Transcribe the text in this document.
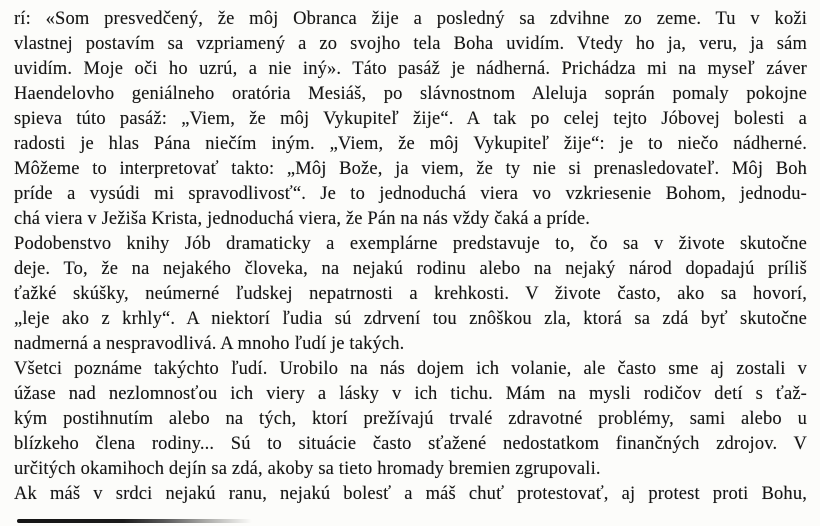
rí: «Som presvedčený, že môj Obranca žije a posledný sa zdvihne zo zeme. Tu v koži
vlastnej postavím sa vzpriamený a zo svojho tela Boha uvidím. Vtedy ho ja, veru, ja sám
uvidím. Moje oči ho uzrú, a nie iný». Táto pasáž je nádherná. Prichádza mi na myseľ záver
Haendelovho geniálneho oratória Mesiáš, po slávnostnom Aleluja soprán pomaly pokojne
spieva túto pasáž: „Viem, že môj Vykupiteľ žije“. A tak po celej tejto Jóbovej bolesti a
radosti je hlas Pána niečím iným. „Viem, že môj Vykupiteľ žije“: je to niečo nádherné.
Môžeme to interpretovať takto: „Môj Bože, ja viem, že ty nie si prenasledovateľ. Môj Boh
príde a vysúdi mi spravodlivosť“. Je to jednoduchá viera vo vzkriesenie Bohom, jednodu-
chá viera v Ježiša Krista, jednoduchá viera, že Pán na nás vždy čaká a príde.
Podobenstvo knihy Jób dramaticky a exemplárne predstavuje to, čo sa v živote skutočne
deje. To, že na nejakého človeka, na nejakú rodinu alebo na nejaký národ dopadajú príliš
ťažké skúšky, neúmerné ľudskej nepatrnosti a krehkosti. V živote často, ako sa hovorí,
„leje ako z krhly“. A niektorí ľudia sú zdrvení tou znôškou zla, ktorá sa zdá byť skutočne
nadmerná a nespravodlivá. A mnoho ľudí je takých.
Všetci poznáme takýchto ľudí. Urobilo na nás dojem ich volanie, ale často sme aj zostali v
úžase nad nezlomnosťou ich viery a lásky v ich tichu. Mám na mysli rodičov detí s ťaž-
kým postihnutím alebo na tých, ktorí prežívajú trvalé zdravotné problémy, sami alebo u
blízkeho člena rodiny... Sú to situácie často sťažené nedostatkom finančných zdrojov. V
určitých okamihoch dejín sa zdá, akoby sa tieto hromady bremien zgrupovali.
Ak máš v srdci nejakú ranu, nejakú bolesť a máš chuť protestovať, aj protest proti Bohu,
